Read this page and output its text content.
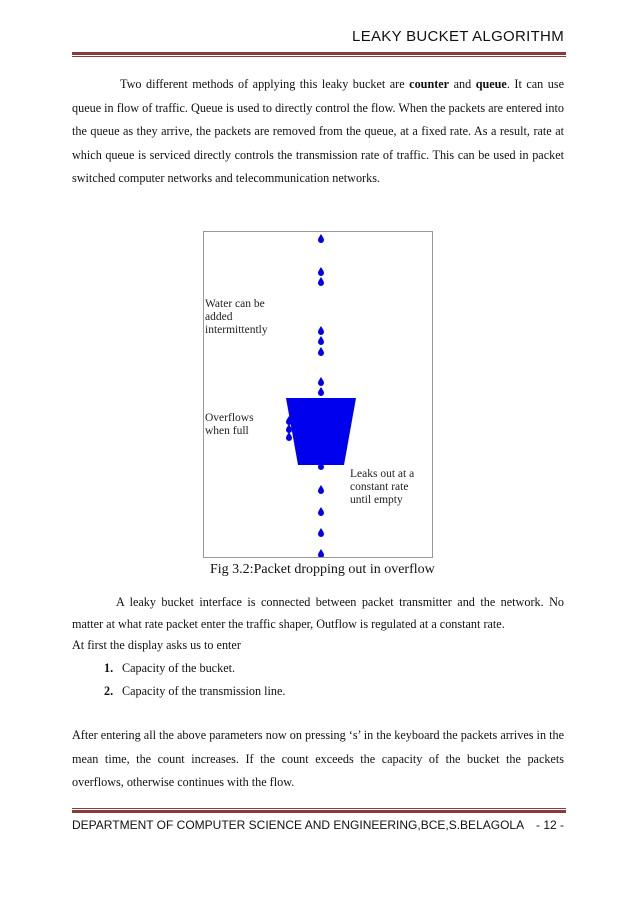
LEAKY BUCKET ALGORITHM
Two different methods of applying this leaky bucket are counter and queue. It can use queue in flow of traffic. Queue is used to directly control the flow. When the packets are entered into the queue as they arrive, the packets are removed from the queue, at a fixed rate. As a result, rate at which queue is serviced directly controls the transmission rate of traffic. This can be used in packet switched computer networks and telecommunication networks.
Water can be
added
intermittently
Overflows
when full
Leaks out at a
constant rate
until empty
Fig 3.2:Packet dropping out in overflow
A leaky bucket interface is connected between packet transmitter and the network. No matter at what rate packet enter the traffic shaper, Outflow is regulated at a constant rate.
At first the display asks us to enter
1. Capacity of the bucket.
2. Capacity of the transmission line.
After entering all the above parameters now on pressing ‘s’ in the keyboard the packets arrives in the mean time, the count increases. If the count exceeds the capacity of the bucket the packets overflows, otherwise continues with the flow.
DEPARTMENT OF COMPUTER SCIENCE AND ENGINEERING,BCE,S.BELAGOLA - 12 -
